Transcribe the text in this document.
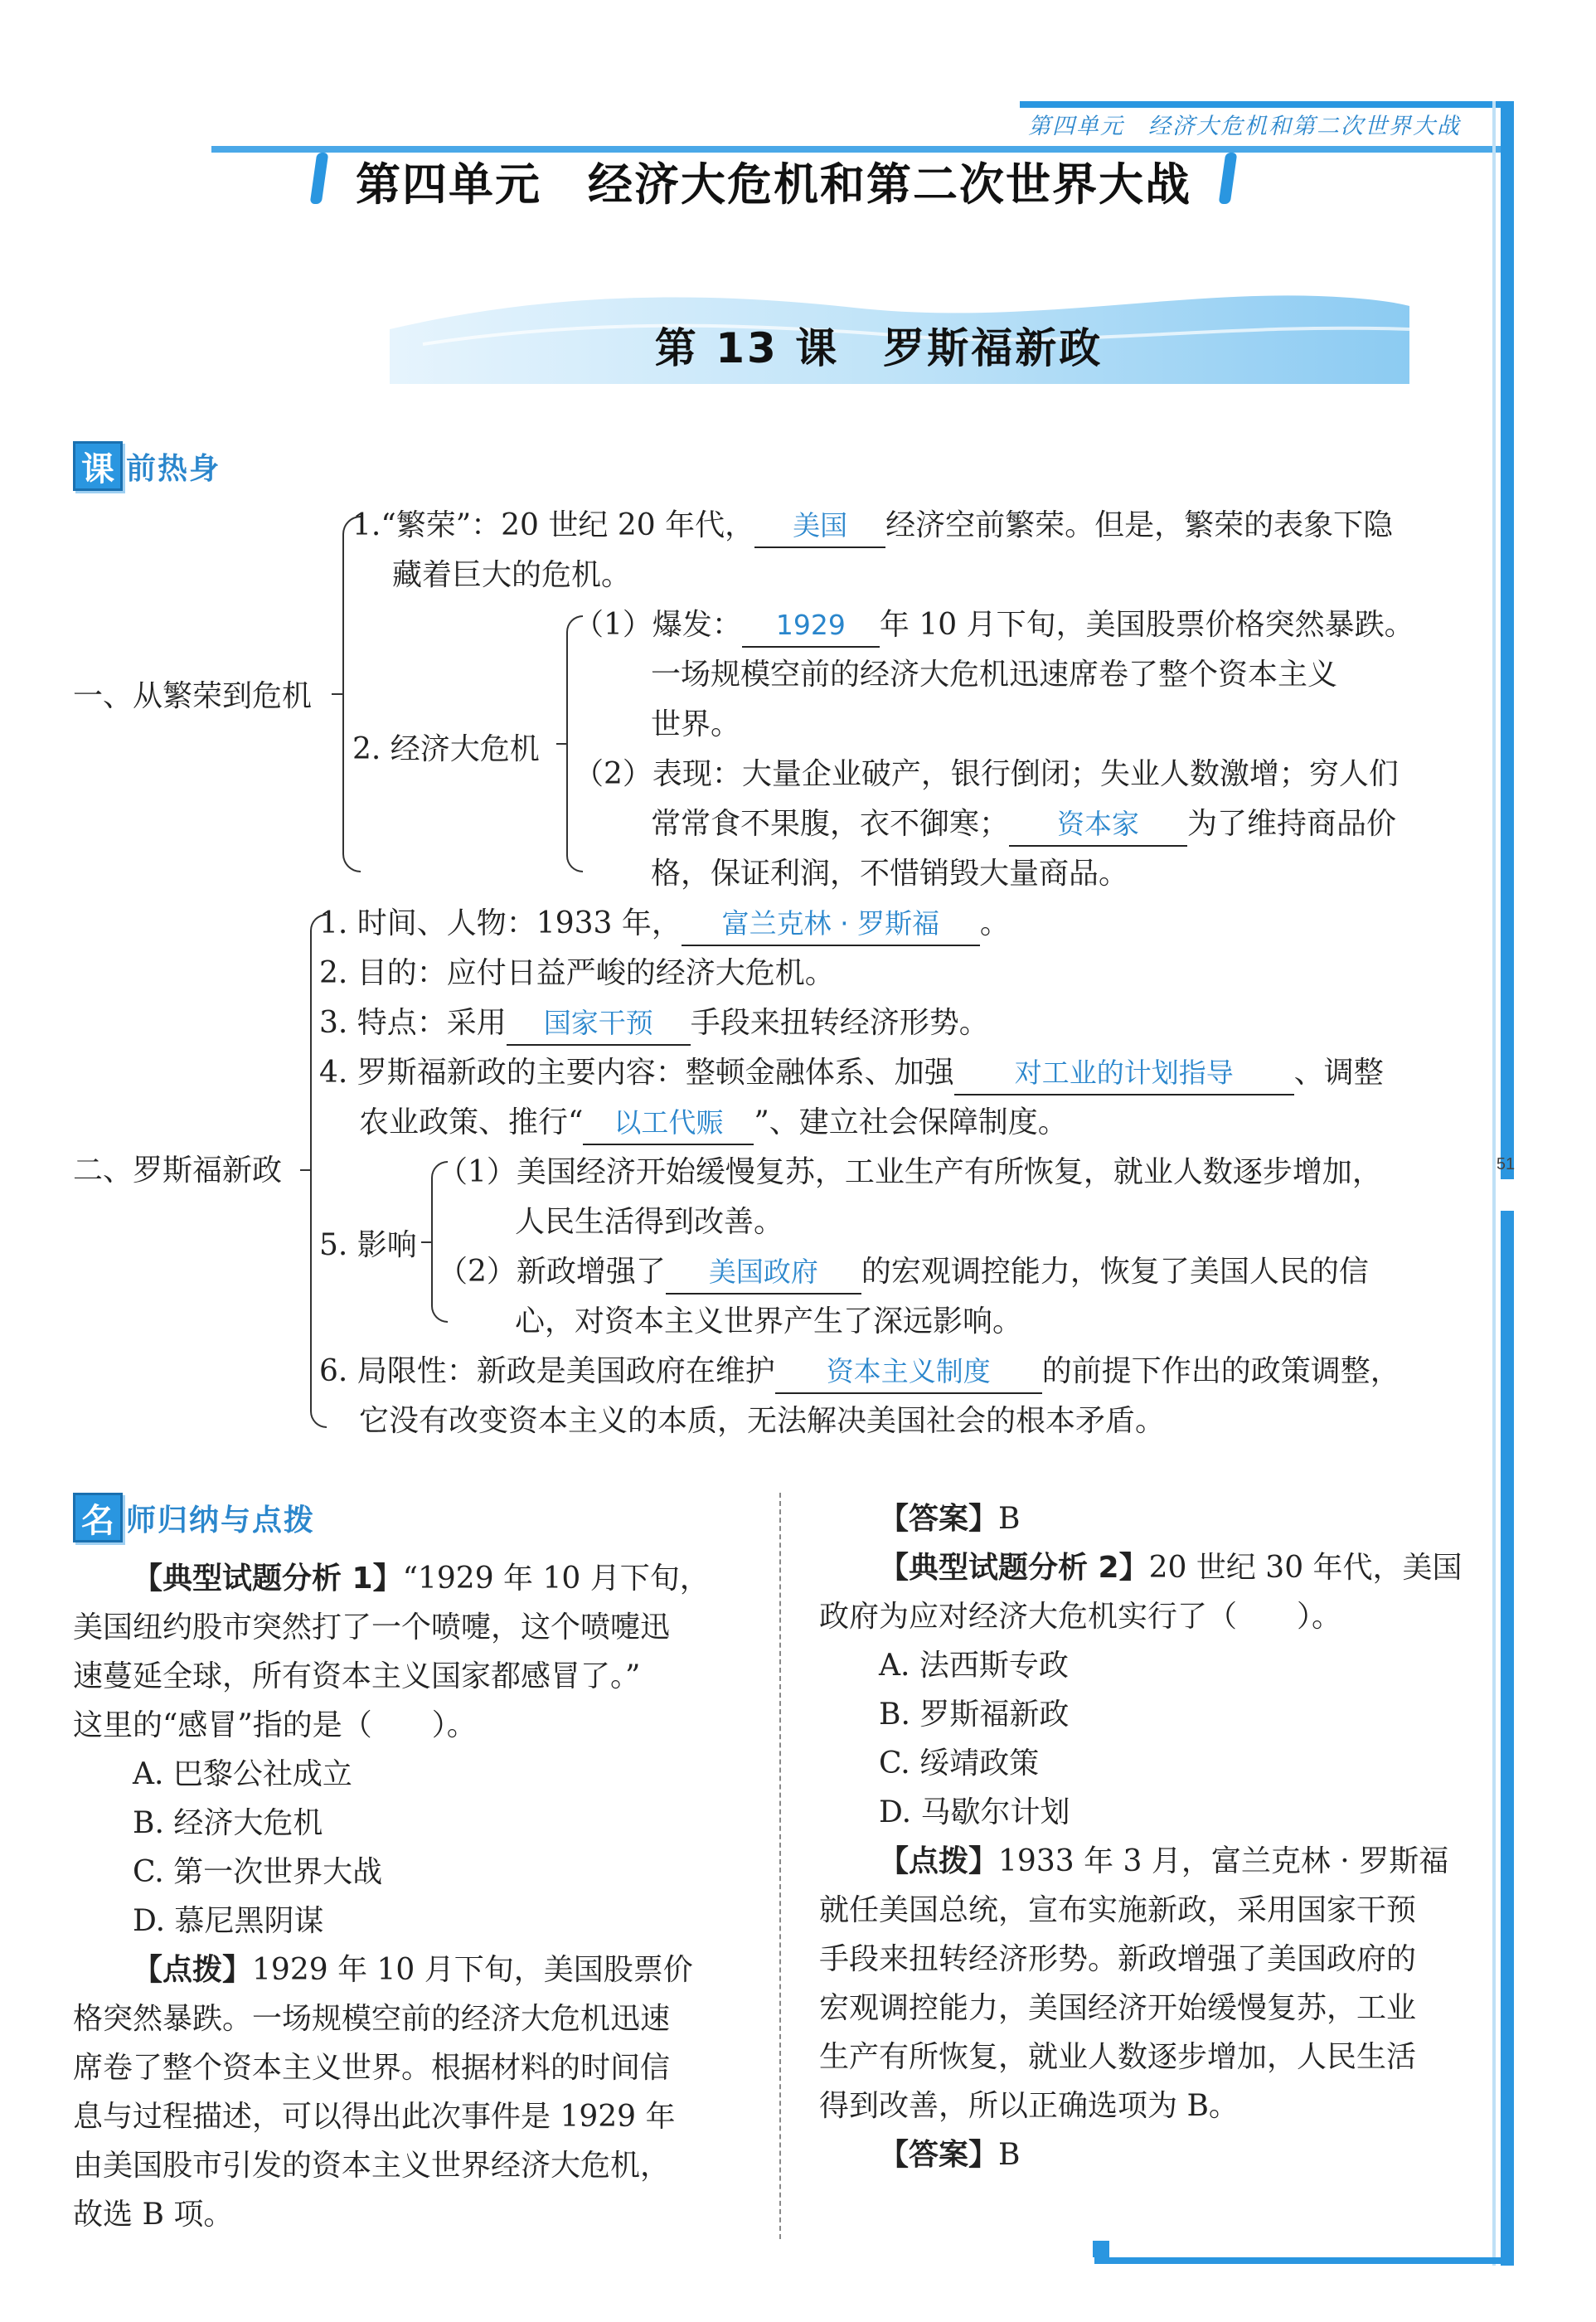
第四单元　经济大危机和第二次世界大战
51
第四单元　经济大危机和第二次世界大战
第 13 课　罗斯福新政
课 前热身
一、从繁荣到危机
1.“繁荣”：20 世纪 20 年代， 美国 经济空前繁荣。但是，繁荣的表象下隐
藏着巨大的危机。
2. 经济大危机
（1）爆发： 1929 年 10 月下旬，美国股票价格突然暴跌。
一场规模空前的经济大危机迅速席卷了整个资本主义
世界。
（2）表现：大量企业破产，银行倒闭；失业人数激增；穷人们
常常食不果腹，衣不御寒； 资本家 为了维持商品价
格，保证利润，不惜销毁大量商品。
二、罗斯福新政
1. 时间、人物：1933 年， 富兰克林 · 罗斯福 。
2. 目的：应付日益严峻的经济大危机。
3. 特点：采用 国家干预 手段来扭转经济形势。
4. 罗斯福新政的主要内容：整顿金融体系、加强 对工业的计划指导 、调整
农业政策、推行“ 以工代赈 ”、建立社会保障制度。
5. 影响
（1）美国经济开始缓慢复苏，工业生产有所恢复，就业人数逐步增加，
人民生活得到改善。
（2）新政增强了 美国政府 的宏观调控能力，恢复了美国人民的信
心，对资本主义世界产生了深远影响。
6. 局限性：新政是美国政府在维护 资本主义制度 的前提下作出的政策调整，
它没有改变资本主义的本质，无法解决美国社会的根本矛盾。
名 师归纳与点拨
【典型试题分析 1】“1929 年 10 月下旬，
美国纽约股市突然打了一个喷嚏，这个喷嚏迅
速蔓延全球，所有资本主义国家都感冒了。”
这里的“感冒”指的是（　　）。
A. 巴黎公社成立
B. 经济大危机
C. 第一次世界大战
D. 慕尼黑阴谋
【点拨】1929 年 10 月下旬，美国股票价
格突然暴跌。一场规模空前的经济大危机迅速
席卷了整个资本主义世界。根据材料的时间信
息与过程描述，可以得出此次事件是 1929 年
由美国股市引发的资本主义世界经济大危机，
故选 B 项。
【答案】B
【典型试题分析 2】20 世纪 30 年代，美国
政府为应对经济大危机实行了（　　）。
A. 法西斯专政
B. 罗斯福新政
C. 绥靖政策
D. 马歇尔计划
【点拨】1933 年 3 月，富兰克林 · 罗斯福
就任美国总统，宣布实施新政，采用国家干预
手段来扭转经济形势。新政增强了美国政府的
宏观调控能力，美国经济开始缓慢复苏，工业
生产有所恢复，就业人数逐步增加，人民生活
得到改善，所以正确选项为 B。
【答案】B
